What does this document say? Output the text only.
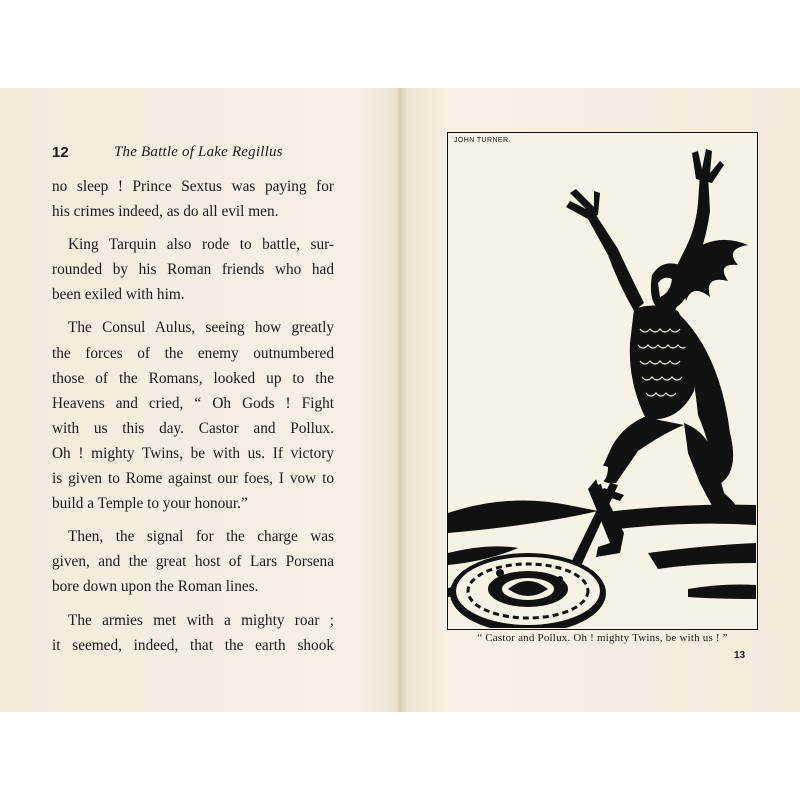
12	The Battle of Lake Regillus
no sleep ! Prince Sextus was paying for
his crimes indeed, as do all evil men.
King Tarquin also rode to battle, sur-
rounded by his Roman friends who had
been exiled with him.
The Consul Aulus, seeing how greatly
the forces of the enemy outnumbered
those of the Romans, looked up to the
Heavens and cried, “ Oh Gods ! Fight
with us this day. Castor and Pollux.
Oh ! mighty Twins, be with us. If victory
is given to Rome against our foes, I vow to
build a Temple to your honour.”
Then, the signal for the charge was
given, and the great host of Lars Porsena
bore down upon the Roman lines.
The armies met with a mighty roar ;
it seemed, indeed, that the earth shook
JOHN TURNER.
“ Castor and Pollux. Oh ! mighty Twins, be with us ! ”
13
